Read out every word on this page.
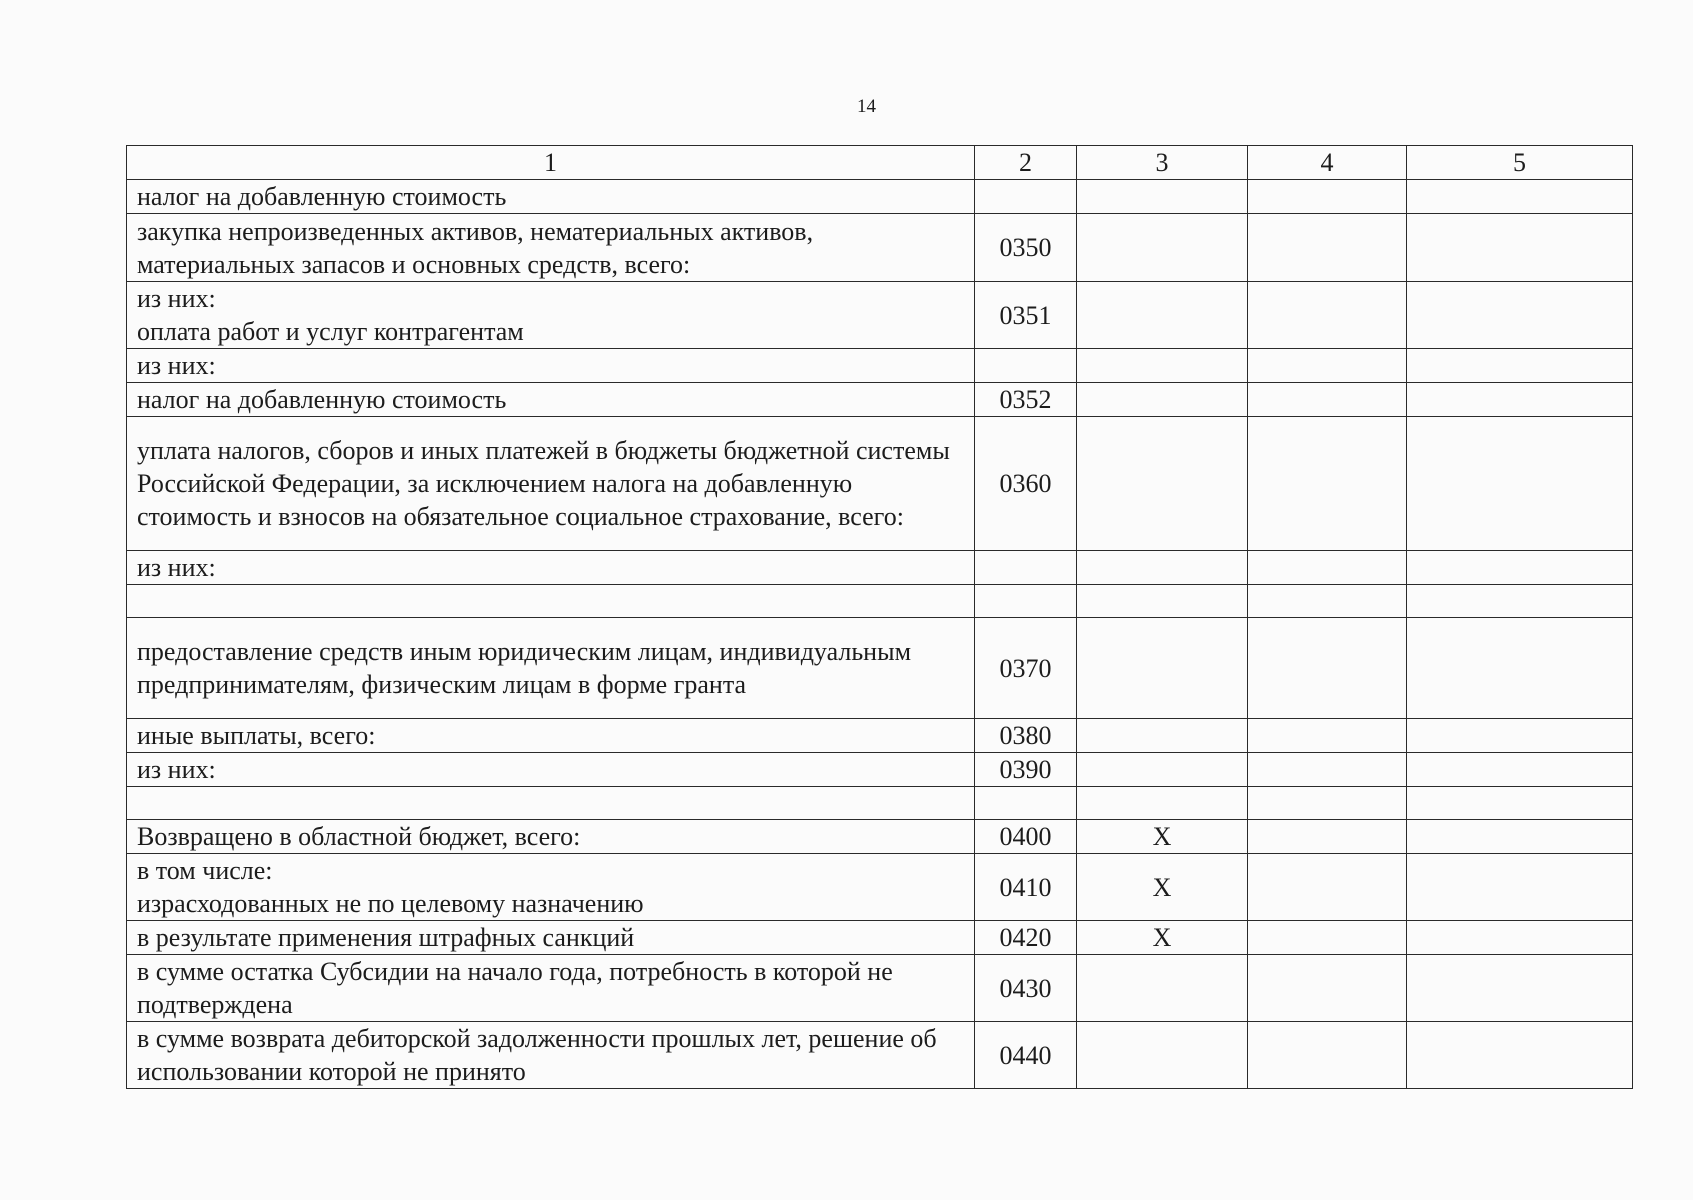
14
1	2	3	4	5
налог на добавленную стоимость				
закупка непроизведенных активов, нематериальных активов, материальных запасов и основных средств, всего:	0350			
из них:
оплата работ и услуг контрагентам	0351			
из них:				
налог на добавленную стоимость	0352			
уплата налогов, сборов и иных платежей в бюджеты бюджетной системы Российской Федерации, за исключением налога на добавленную стоимость и взносов на обязательное социальное страхование, всего:	0360			
из них:				

предоставление средств иным юридическим лицам, индивидуальным предпринимателям, физическим лицам в форме гранта	0370			
иные выплаты, всего:	0380			
из них:	0390			

Возвращено в областной бюджет, всего:	0400	X		
в том числе:
израсходованных не по целевому назначению	0410	X		
в результате применения штрафных санкций	0420	X		
в сумме остатка Субсидии на начало года, потребность в которой не подтверждена	0430			
в сумме возврата дебиторской задолженности прошлых лет, решение об использовании которой не принято	0440			
